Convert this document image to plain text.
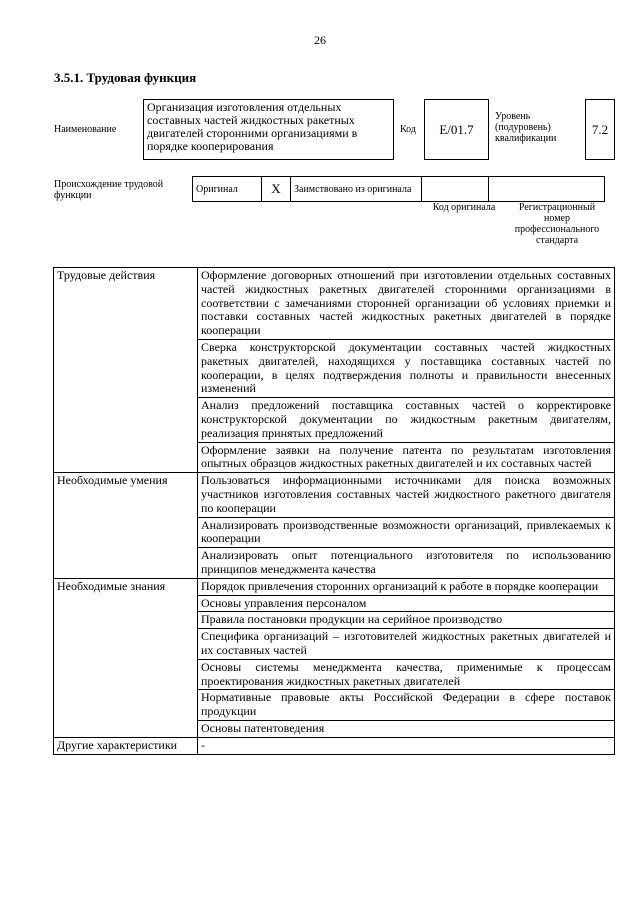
26
3.5.1. Трудовая функция
Наименование
Организация изготовления отдельных составных частей жидкостных ракетных двигателей сторонними организациями в порядке кооперирования
Код	E/01.7
Уровень (подуровень) квалификации
7.2
Происхождение трудовой функции
Оригинал	X	Заимствовано из оригинала		
Код оригинала	Регистрационный номер профессионального стандарта
Трудовые действия	Оформление договорных отношений при изготовлении отдельных составных частей жидкостных ракетных двигателей сторонними организациями в соответствии с замечаниями сторонней организации об условиях приемки и поставки составных частей жидкостных ракетных двигателей в порядке кооперации
	Сверка конструкторской документации составных частей жидкостных ракетных двигателей, находящихся у поставщика составных частей по кооперации, в целях подтверждения полноты и правильности внесенных изменений
	Анализ предложений поставщика составных частей о корректировке конструкторской документации по жидкостным ракетным двигателям, реализация принятых предложений
	Оформление заявки на получение патента по результатам изготовления опытных образцов жидкостных ракетных двигателей и их составных частей
Необходимые умения	Пользоваться информационными источниками для поиска возможных участников изготовления составных частей жидкостного ракетного двигателя по кооперации
	Анализировать производственные возможности организаций, привлекаемых к кооперации
	Анализировать опыт потенциального изготовителя по использованию принципов менеджмента качества
Необходимые знания	Порядок привлечения сторонних организаций к работе в порядке кооперации
	Основы управления персоналом
	Правила постановки продукции на серийное производство
	Специфика организаций – изготовителей жидкостных ракетных двигателей и их составных частей
	Основы системы менеджмента качества, применимые к процессам проектирования жидкостных ракетных двигателей
	Нормативные правовые акты Российской Федерации в сфере поставок продукции
	Основы патентоведения
Другие характеристики	-
